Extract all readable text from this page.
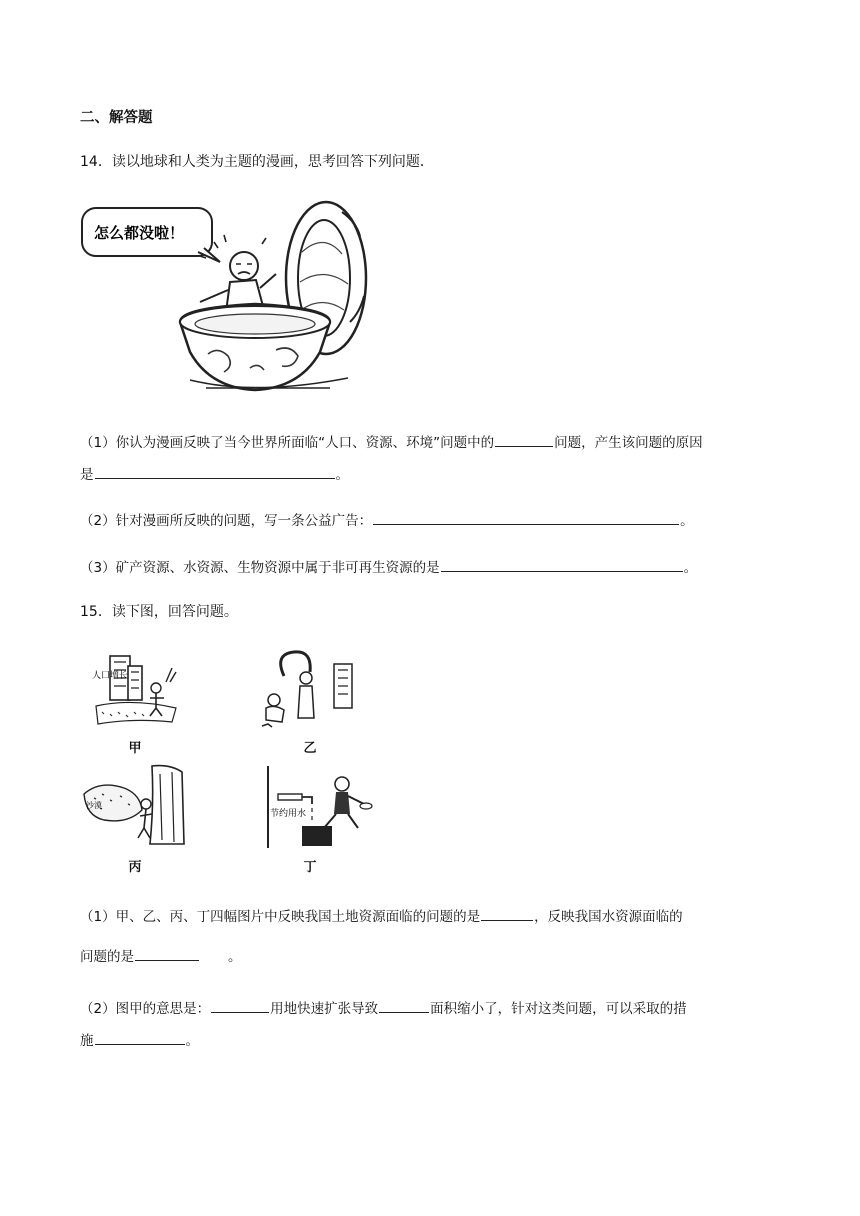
二、解答题
14．读以地球和人类为主题的漫画，思考回答下列问题．
怎么都没啦！
（1）你认为漫画反映了当今世界所面临“人口、资源、环境”问题中的	问题，产生该问题的原因
是	。
（2）针对漫画所反映的问题，写一条公益广告：	。
（3）矿产资源、水资源、生物资源中属于非可再生资源的是	。
15．读下图，回答问题。
人口增长
甲	乙
沙漠
丙
节约用水
丁
（1）甲、乙、丙、丁四幅图片中反映我国土地资源面临的问题的是	，反映我国水资源面临的
问题的是	。
（2）图甲的意思是：	用地快速扩张导致	面积缩小了，针对这类问题，可以采取的措
施	。
